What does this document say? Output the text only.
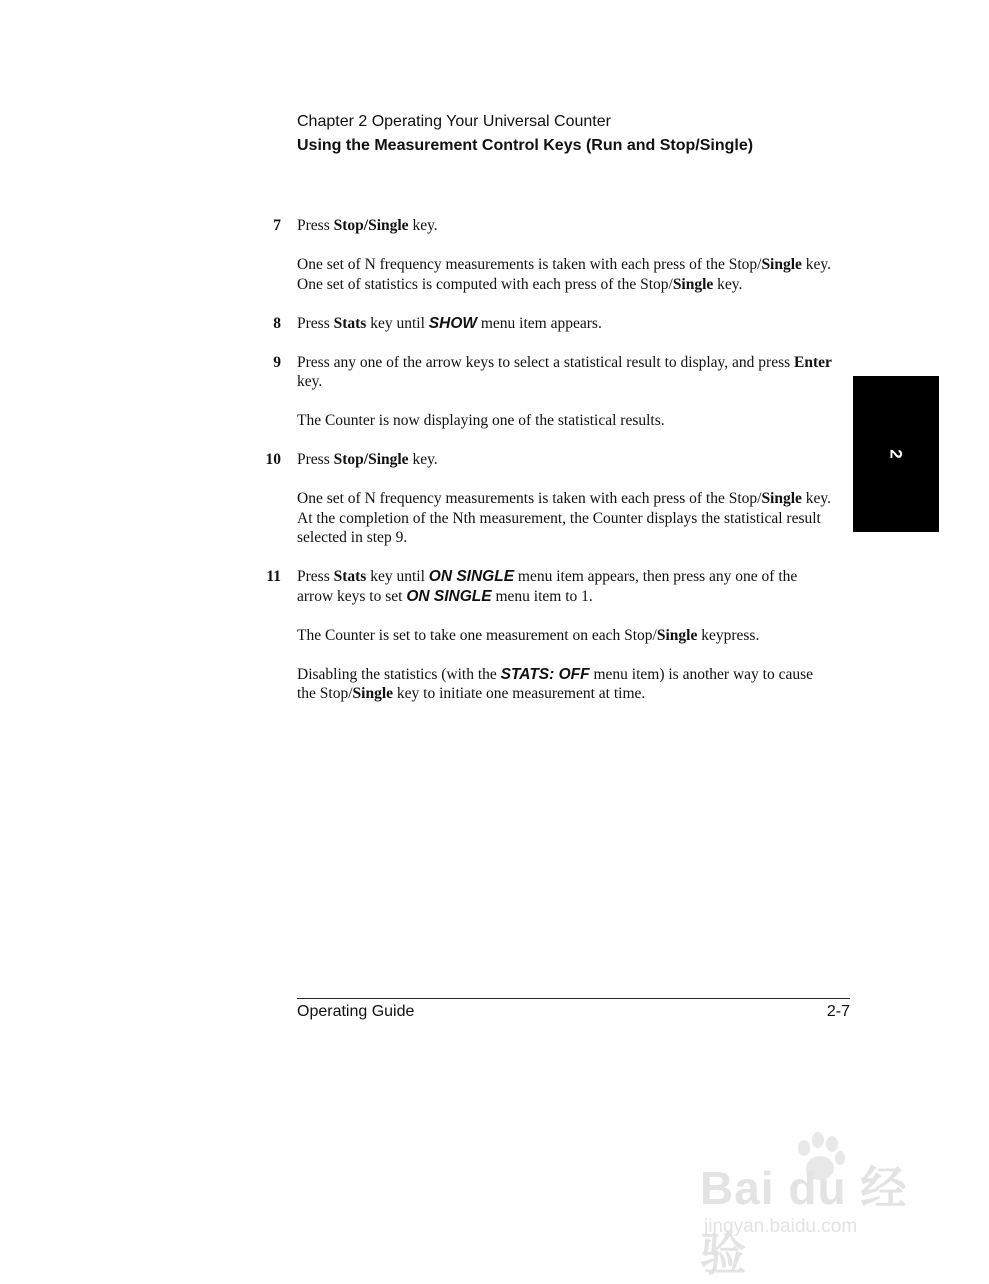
Chapter 2 Operating Your Universal Counter
Using the Measurement Control Keys (Run and Stop/Single)
7 Press Stop/Single key.

One set of N frequency measurements is taken with each press of the Stop/Single key.
One set of statistics is computed with each press of the Stop/Single key.

8 Press Stats key until SHOW menu item appears.

9 Press any one of the arrow keys to select a statistical result to display, and press Enter
key.

The Counter is now displaying one of the statistical results.

10 Press Stop/Single key.

One set of N frequency measurements is taken with each press of the Stop/Single key.
At the completion of the Nth measurement, the Counter displays the statistical result
selected in step 9.

11 Press Stats key until ON SINGLE menu item appears, then press any one of the
arrow keys to set ON SINGLE menu item to 1.

The Counter is set to take one measurement on each Stop/Single keypress.

Disabling the statistics (with the STATS: OFF menu item) is another way to cause
the Stop/Single key to initiate one measurement at time.

2
Operating Guide	2-7
Bai du 经验
jingyan.baidu.com
